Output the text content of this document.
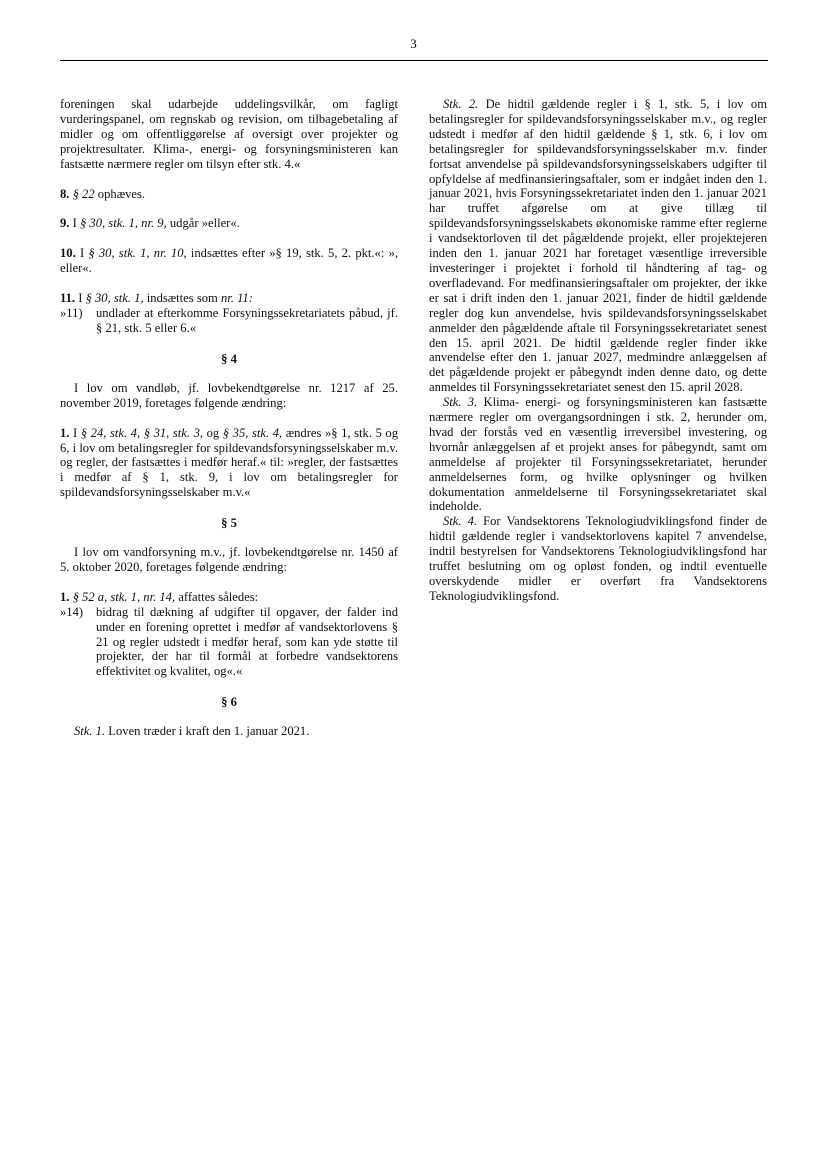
3

foreningen skal udarbejde uddelingsvilkår, om fagligt vurderingspanel, om regnskab og revision, om tilbagebetaling af midler og om offentliggørelse af oversigt over projekter og projektresultater. Klima-, energi- og forsyningsministeren kan fastsætte nærmere regler om tilsyn efter stk. 4.«

8. § 22 ophæves.

9. I § 30, stk. 1, nr. 9, udgår »eller«.

10. I § 30, stk. 1, nr. 10, indsættes efter »§ 19, stk. 5, 2. pkt.«: », eller«.

11. I § 30, stk. 1, indsættes som nr. 11:

»11)	undlader at efterkomme Forsyningssekretariatets påbud, jf. § 21, stk. 5 eller 6.«

§ 4

I lov om vandløb, jf. lovbekendtgørelse nr. 1217 af 25. november 2019, foretages følgende ændring:

1. I § 24, stk. 4, § 31, stk. 3, og § 35, stk. 4, ændres »§ 1, stk. 5 og 6, i lov om betalingsregler for spildevandsforsyningsselskaber m.v. og regler, der fastsættes i medfør heraf.« til: »regler, der fastsættes i medfør af § 1, stk. 9, i lov om betalingsregler for spildevandsforsyningsselskaber m.v.«

§ 5

I lov om vandforsyning m.v., jf. lovbekendtgørelse nr. 1450 af 5. oktober 2020, foretages følgende ændring:

1. § 52 a, stk. 1, nr. 14, affattes således:

»14)	bidrag til dækning af udgifter til opgaver, der falder ind under en forening oprettet i medfør af vandsektorlovens § 21 og regler udstedt i medfør heraf, som kan yde støtte til projekter, der har til formål at forbedre vandsektorens effektivitet og kvalitet, og«.«

§ 6

Stk. 1. Loven træder i kraft den 1. januar 2021.

Stk. 2. De hidtil gældende regler i § 1, stk. 5, i lov om betalingsregler for spildevandsforsyningsselskaber m.v., og regler udstedt i medfør af den hidtil gældende § 1, stk. 6, i lov om betalingsregler for spildevandsforsyningsselskaber m.v. finder fortsat anvendelse på spildevandsforsyningsselskabers udgifter til opfyldelse af medfinansieringsaftaler, som er indgået inden den 1. januar 2021, hvis Forsyningssekretariatet inden den 1. januar 2021 har truffet afgørelse om at give tillæg til spildevandsforsyningsselskabets økonomiske ramme efter reglerne i vandsektorloven til det pågældende projekt, eller projektejeren inden den 1. januar 2021 har foretaget væsentlige irreversible investeringer i projektet i forhold til håndtering af tag- og overfladevand. For medfinansieringsaftaler om projekter, der ikke er sat i drift inden den 1. januar 2021, finder de hidtil gældende regler dog kun anvendelse, hvis spildevandsforsyningsselskabet anmelder den pågældende aftale til Forsyningssekretariatet senest den 15. april 2021. De hidtil gældende regler finder ikke anvendelse efter den 1. januar 2027, medmindre anlæggelsen af det pågældende projekt er påbegyndt inden denne dato, og dette anmeldes til Forsyningssekretariatet senest den 15. april 2028.

Stk. 3. Klima- energi- og forsyningsministeren kan fastsætte nærmere regler om overgangsordningen i stk. 2, herunder om, hvad der forstås ved en væsentlig irreversibel investering, og hvornår anlæggelsen af et projekt anses for påbegyndt, samt om anmeldelse af projekter til Forsyningssekretariatet, herunder anmeldelsernes form, og hvilke oplysninger og hvilken dokumentation anmeldelserne til Forsyningssekretariatet skal indeholde.

Stk. 4. For Vandsektorens Teknologiudviklingsfond finder de hidtil gældende regler i vandsektorlovens kapitel 7 anvendelse, indtil bestyrelsen for Vandsektorens Teknologiudviklingsfond har truffet beslutning om og opløst fonden, og indtil eventuelle overskydende midler er overført fra Vandsektorens Teknologiudviklingsfond.
